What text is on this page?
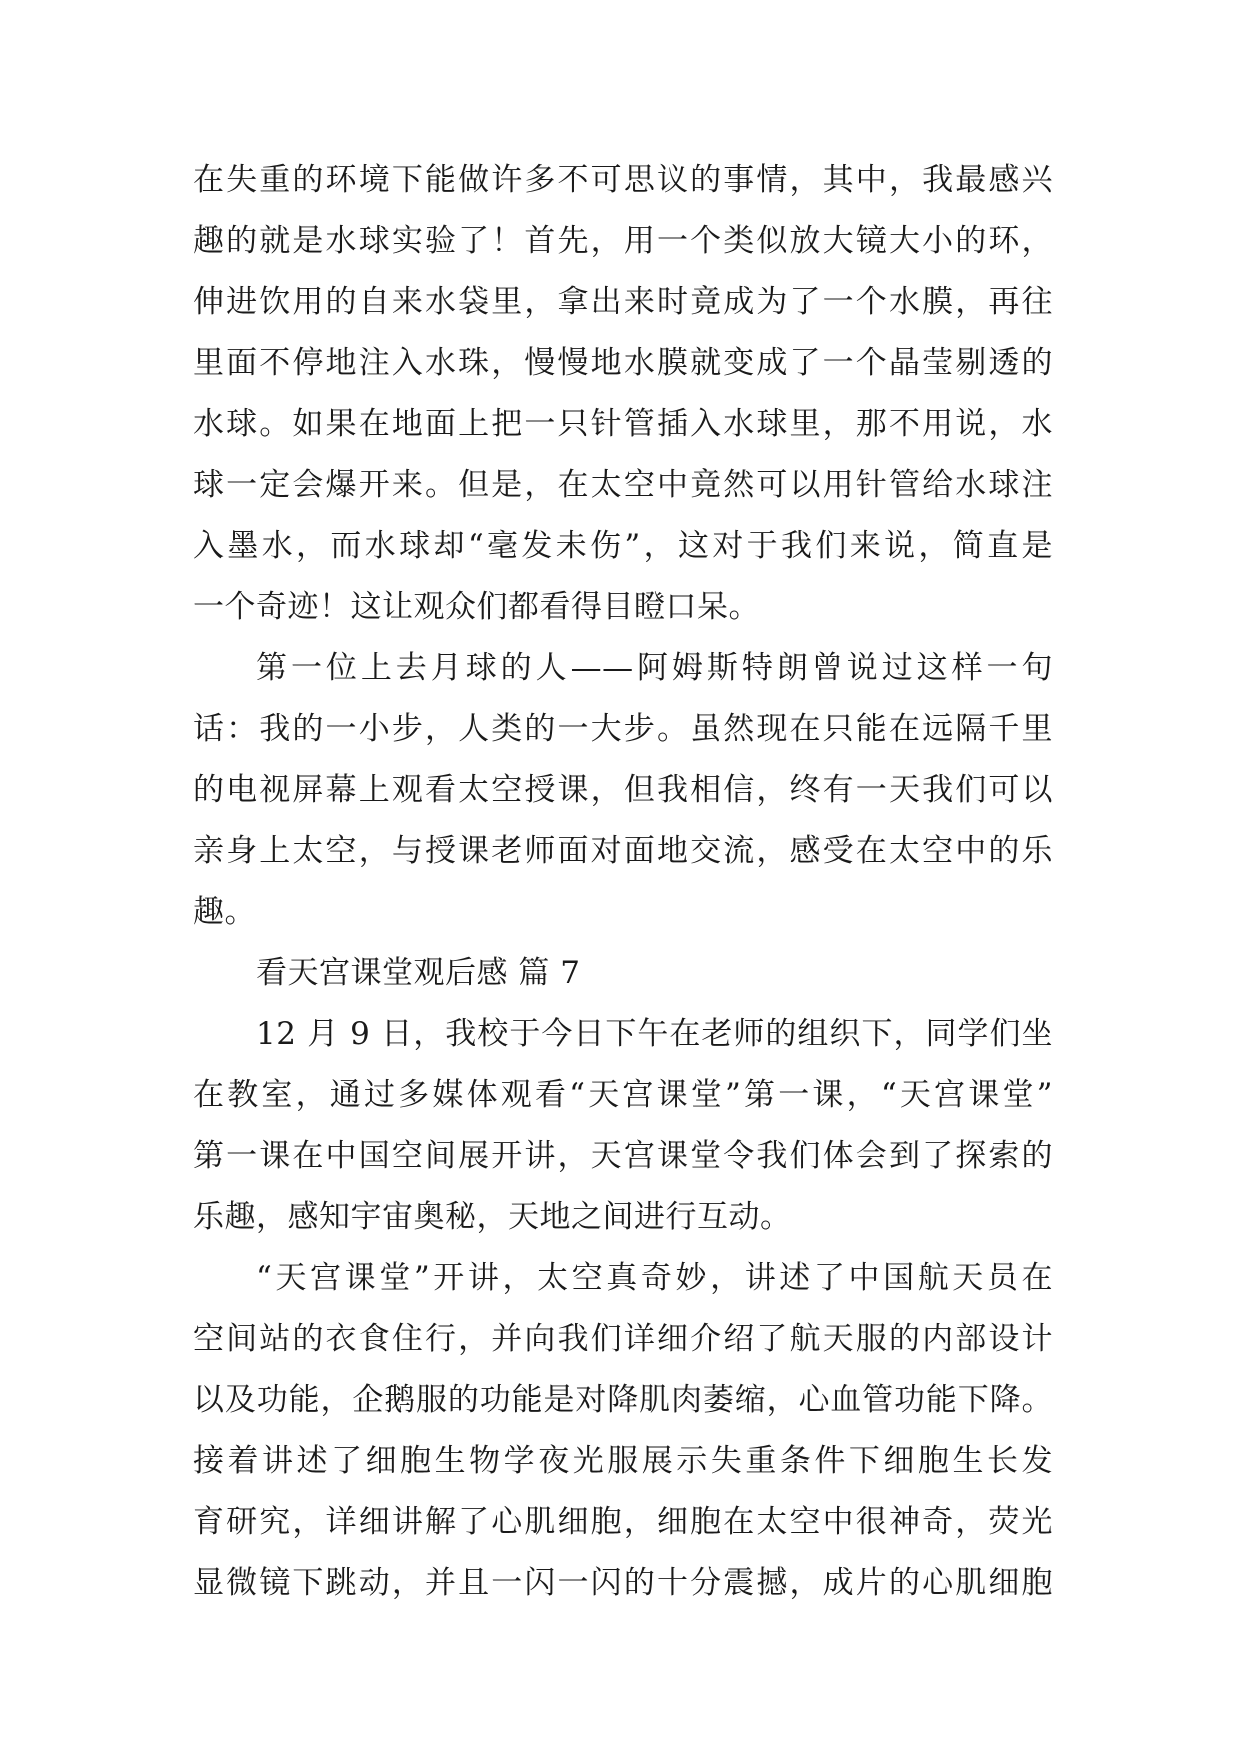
在失重的环境下能做许多不可思议的事情，其中，我最感兴
趣的就是水球实验了！首先，用一个类似放大镜大小的环，
伸进饮用的自来水袋里，拿出来时竟成为了一个水膜，再往
里面不停地注入水珠，慢慢地水膜就变成了一个晶莹剔透的
水球。如果在地面上把一只针管插入水球里，那不用说，水
球一定会爆开来。但是，在太空中竟然可以用针管给水球注
入墨水，而水球却“毫发未伤”，这对于我们来说，简直是
一个奇迹！这让观众们都看得目瞪口呆。
第一位上去月球的人——阿姆斯特朗曾说过这样一句
话：我的一小步，人类的一大步。虽然现在只能在远隔千里
的电视屏幕上观看太空授课，但我相信，终有一天我们可以
亲身上太空，与授课老师面对面地交流，感受在太空中的乐
趣。
看天宫课堂观后感 篇 7
12 月 9 日，我校于今日下午在老师的组织下，同学们坐
在教室，通过多媒体观看“天宫课堂”第一课，“天宫课堂”
第一课在中国空间展开讲，天宫课堂令我们体会到了探索的
乐趣，感知宇宙奥秘，天地之间进行互动。
“天宫课堂”开讲，太空真奇妙，讲述了中国航天员在
空间站的衣食住行，并向我们详细介绍了航天服的内部设计
以及功能，企鹅服的功能是对降肌肉萎缩，心血管功能下降。
接着讲述了细胞生物学夜光服展示失重条件下细胞生长发
育研究，详细讲解了心肌细胞，细胞在太空中很神奇，荧光
显微镜下跳动，并且一闪一闪的十分震撼，成片的心肌细胞
